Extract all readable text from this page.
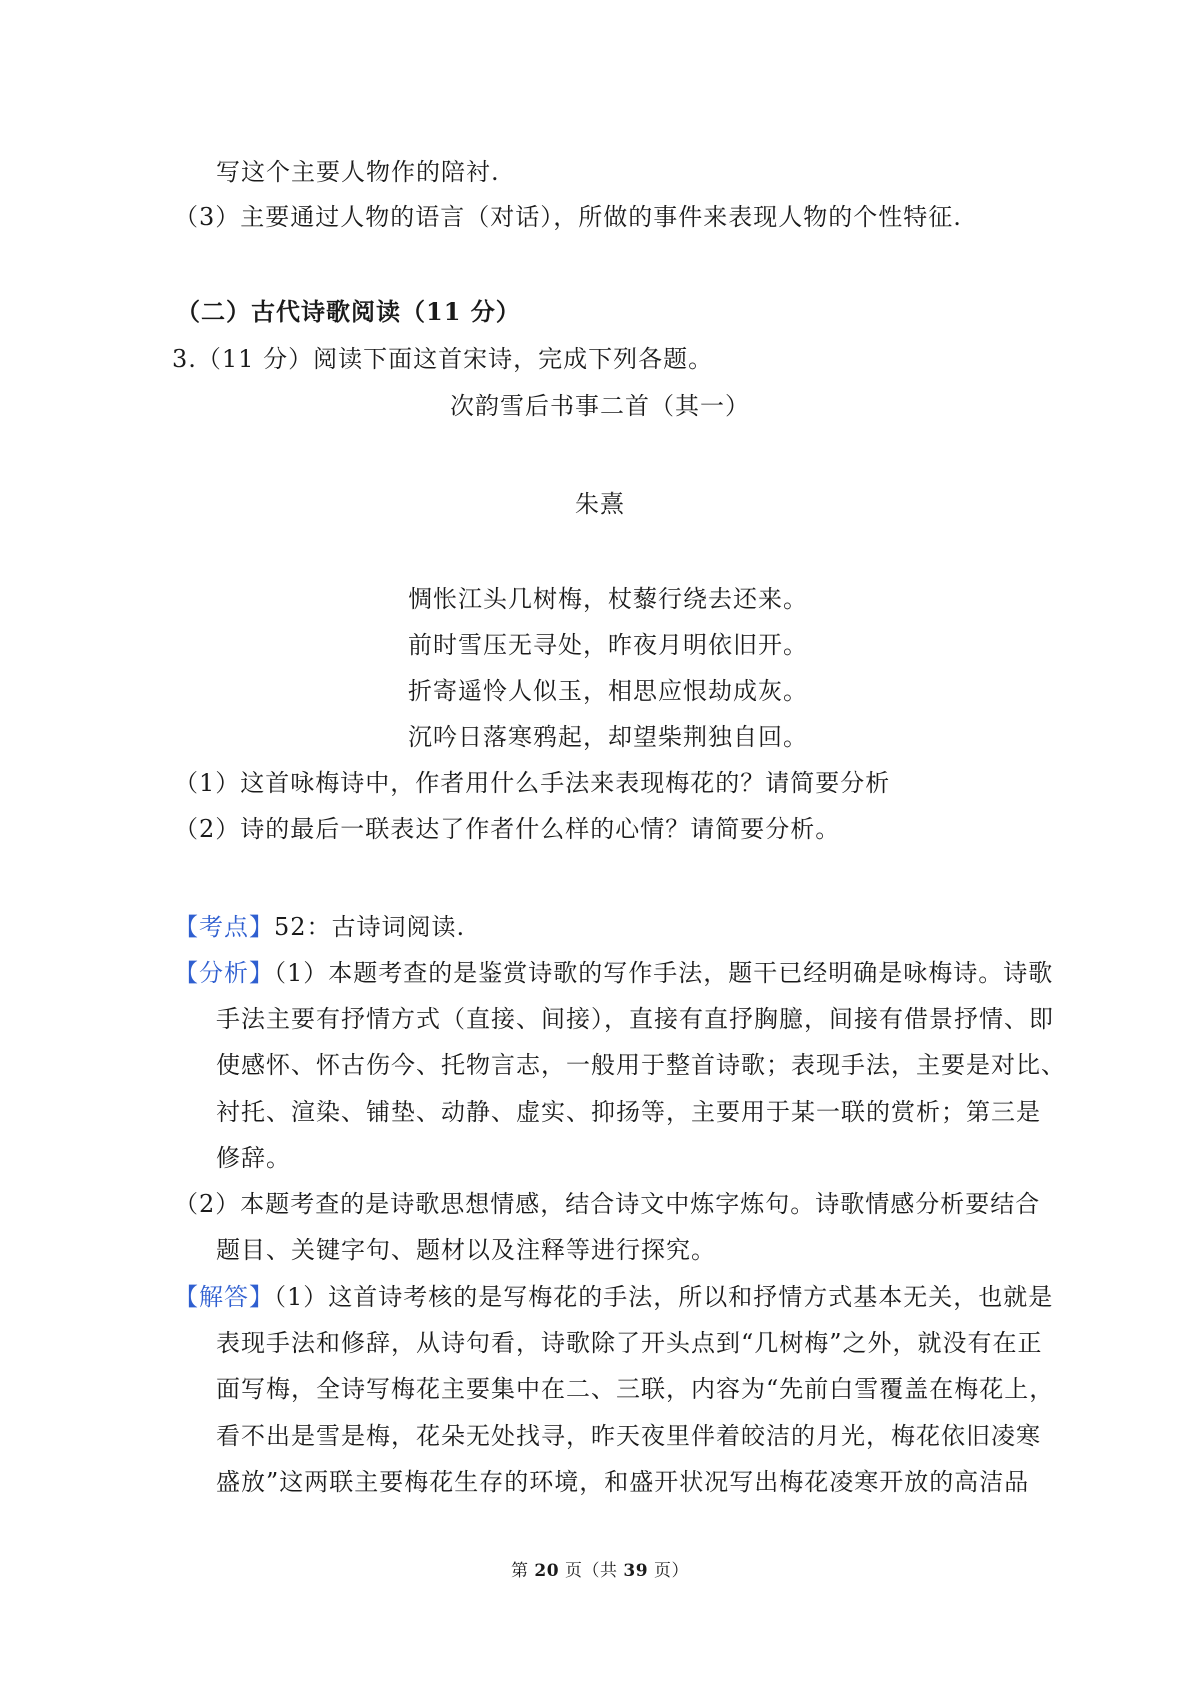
写这个主要人物作的陪衬.
（3）主要通过人物的语言（对话），所做的事件来表现人物的个性特征.
（二）古代诗歌阅读（11 分）
3.（11 分）阅读下面这首宋诗，完成下列各题。
次韵雪后书事二首（其一）
朱熹
惆怅江头几树梅，杖藜行绕去还来。
前时雪压无寻处，昨夜月明依旧开。
折寄遥怜人似玉，相思应恨劫成灰。
沉吟日落寒鸦起，却望柴荆独自回。
（1）这首咏梅诗中，作者用什么手法来表现梅花的？请简要分析
（2）诗的最后一联表达了作者什么样的心情？请简要分析。
【考点】52：古诗词阅读.
【分析】（1）本题考查的是鉴赏诗歌的写作手法，题干已经明确是咏梅诗。诗歌
手法主要有抒情方式（直接、间接），直接有直抒胸臆，间接有借景抒情、即
使感怀、怀古伤今、托物言志，一般用于整首诗歌；表现手法，主要是对比、
衬托、渲染、铺垫、动静、虚实、抑扬等，主要用于某一联的赏析；第三是
修辞。
（2）本题考查的是诗歌思想情感，结合诗文中炼字炼句。诗歌情感分析要结合
题目、关键字句、题材以及注释等进行探究。
【解答】（1）这首诗考核的是写梅花的手法，所以和抒情方式基本无关，也就是
表现手法和修辞，从诗句看，诗歌除了开头点到“几树梅”之外，就没有在正
面写梅，全诗写梅花主要集中在二、三联，内容为“先前白雪覆盖在梅花上，
看不出是雪是梅，花朵无处找寻，昨天夜里伴着皎洁的月光，梅花依旧凌寒
盛放”这两联主要梅花生存的环境，和盛开状况写出梅花凌寒开放的高洁品
第 20 页（共 39 页）
